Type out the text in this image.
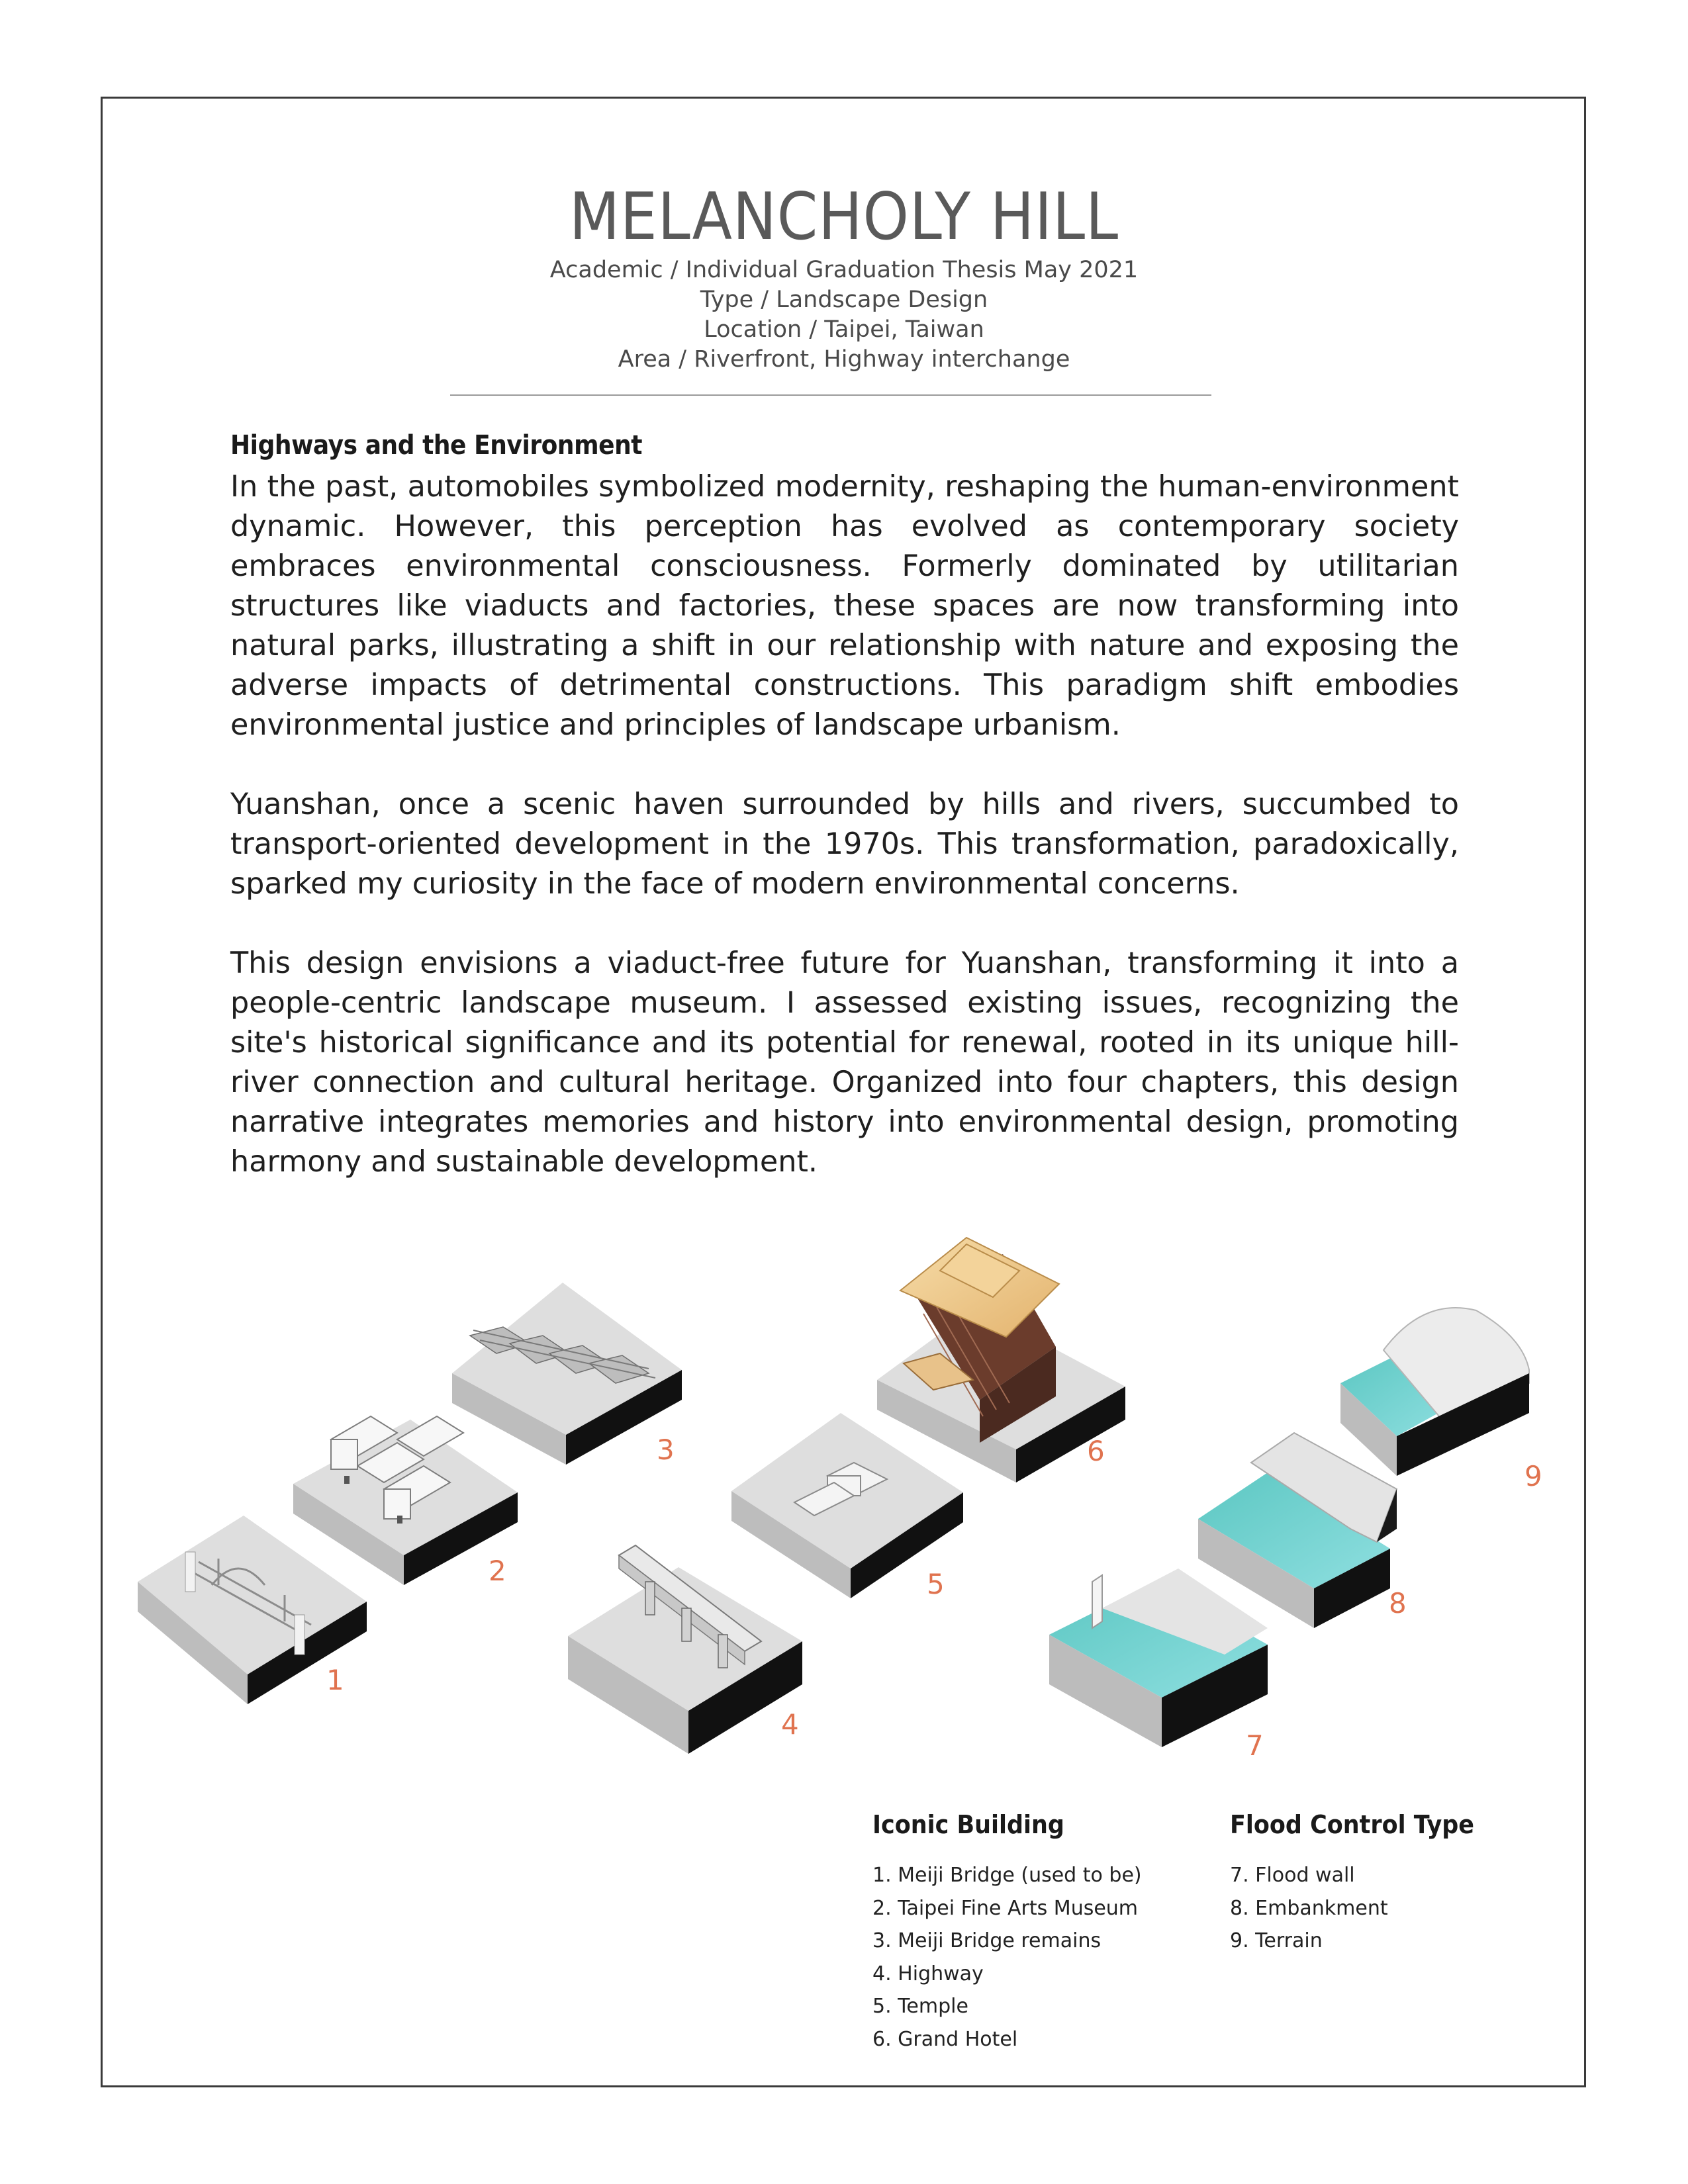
MELANCHOLY HILL

Academic / Individual Graduation Thesis May 2021

Type / Landscape Design

Location / Taipei, Taiwan

Area / Riverfront, Highway interchange

Highways and the Environment

In the past, automobiles symbolized modernity, reshaping the human-environment dynamic. However, this perception has evolved as contemporary society embraces environmental consciousness. Formerly dominated by utilitarian structures like viaducts and factories, these spaces are now transforming into natural parks, illustrating a shift in our relationship with nature and exposing the adverse impacts of detrimental constructions. This paradigm shift embodies environmental justice and principles of landscape urbanism.

Yuanshan, once a scenic haven surrounded by hills and rivers, succumbed to transport-oriented development in the 1970s. This transformation, paradoxically, sparked my curiosity in the face of modern environmental concerns.

This design envisions a viaduct-free future for Yuanshan, transforming it into a people-centric landscape museum. I assessed existing issues, recognizing the site's historical significance and its potential for renewal, rooted in its unique hill-river connection and cultural heritage. Organized into four chapters, this design narrative integrates memories and history into environmental design, promoting harmony and sustainable development.

1
2
3
4
5
6
7
8
9
Iconic Building
1. Meiji Bridge (used to be)
2. Taipei Fine Arts Museum
3. Meiji Bridge remains
4. Highway
5. Temple
6. Grand Hotel
Flood Control Type
7. Flood wall
8. Embankment
9. Terrain
